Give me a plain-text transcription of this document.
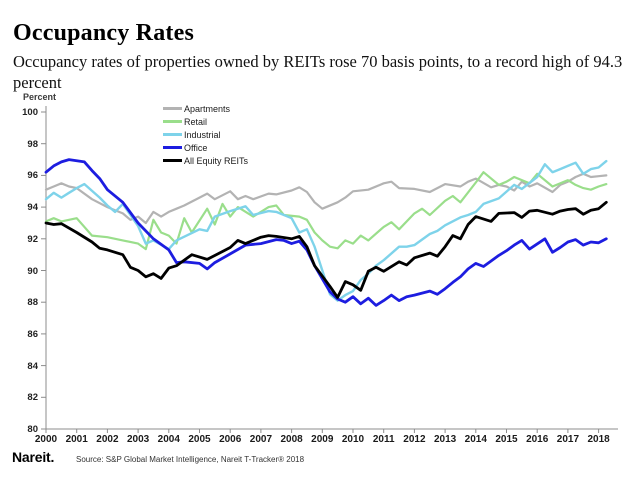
Occupancy Rates
Occupancy rates of properties owned by REITs rose 70 basis points, to a record high of 94.3 percent
Percent
100
98
96
94
92
90
88
86
84
82
80
2000 2001 2002 2003 2004 2005 2006 2007 2008 2009 2010 2011 2012 2013 2014 2015 2016 2017 2018
Apartments
Retail
Industrial
Office
All Equity REITs
Nareit.	Source: S&P Global Market Intelligence, Nareit T-Tracker® 2018
